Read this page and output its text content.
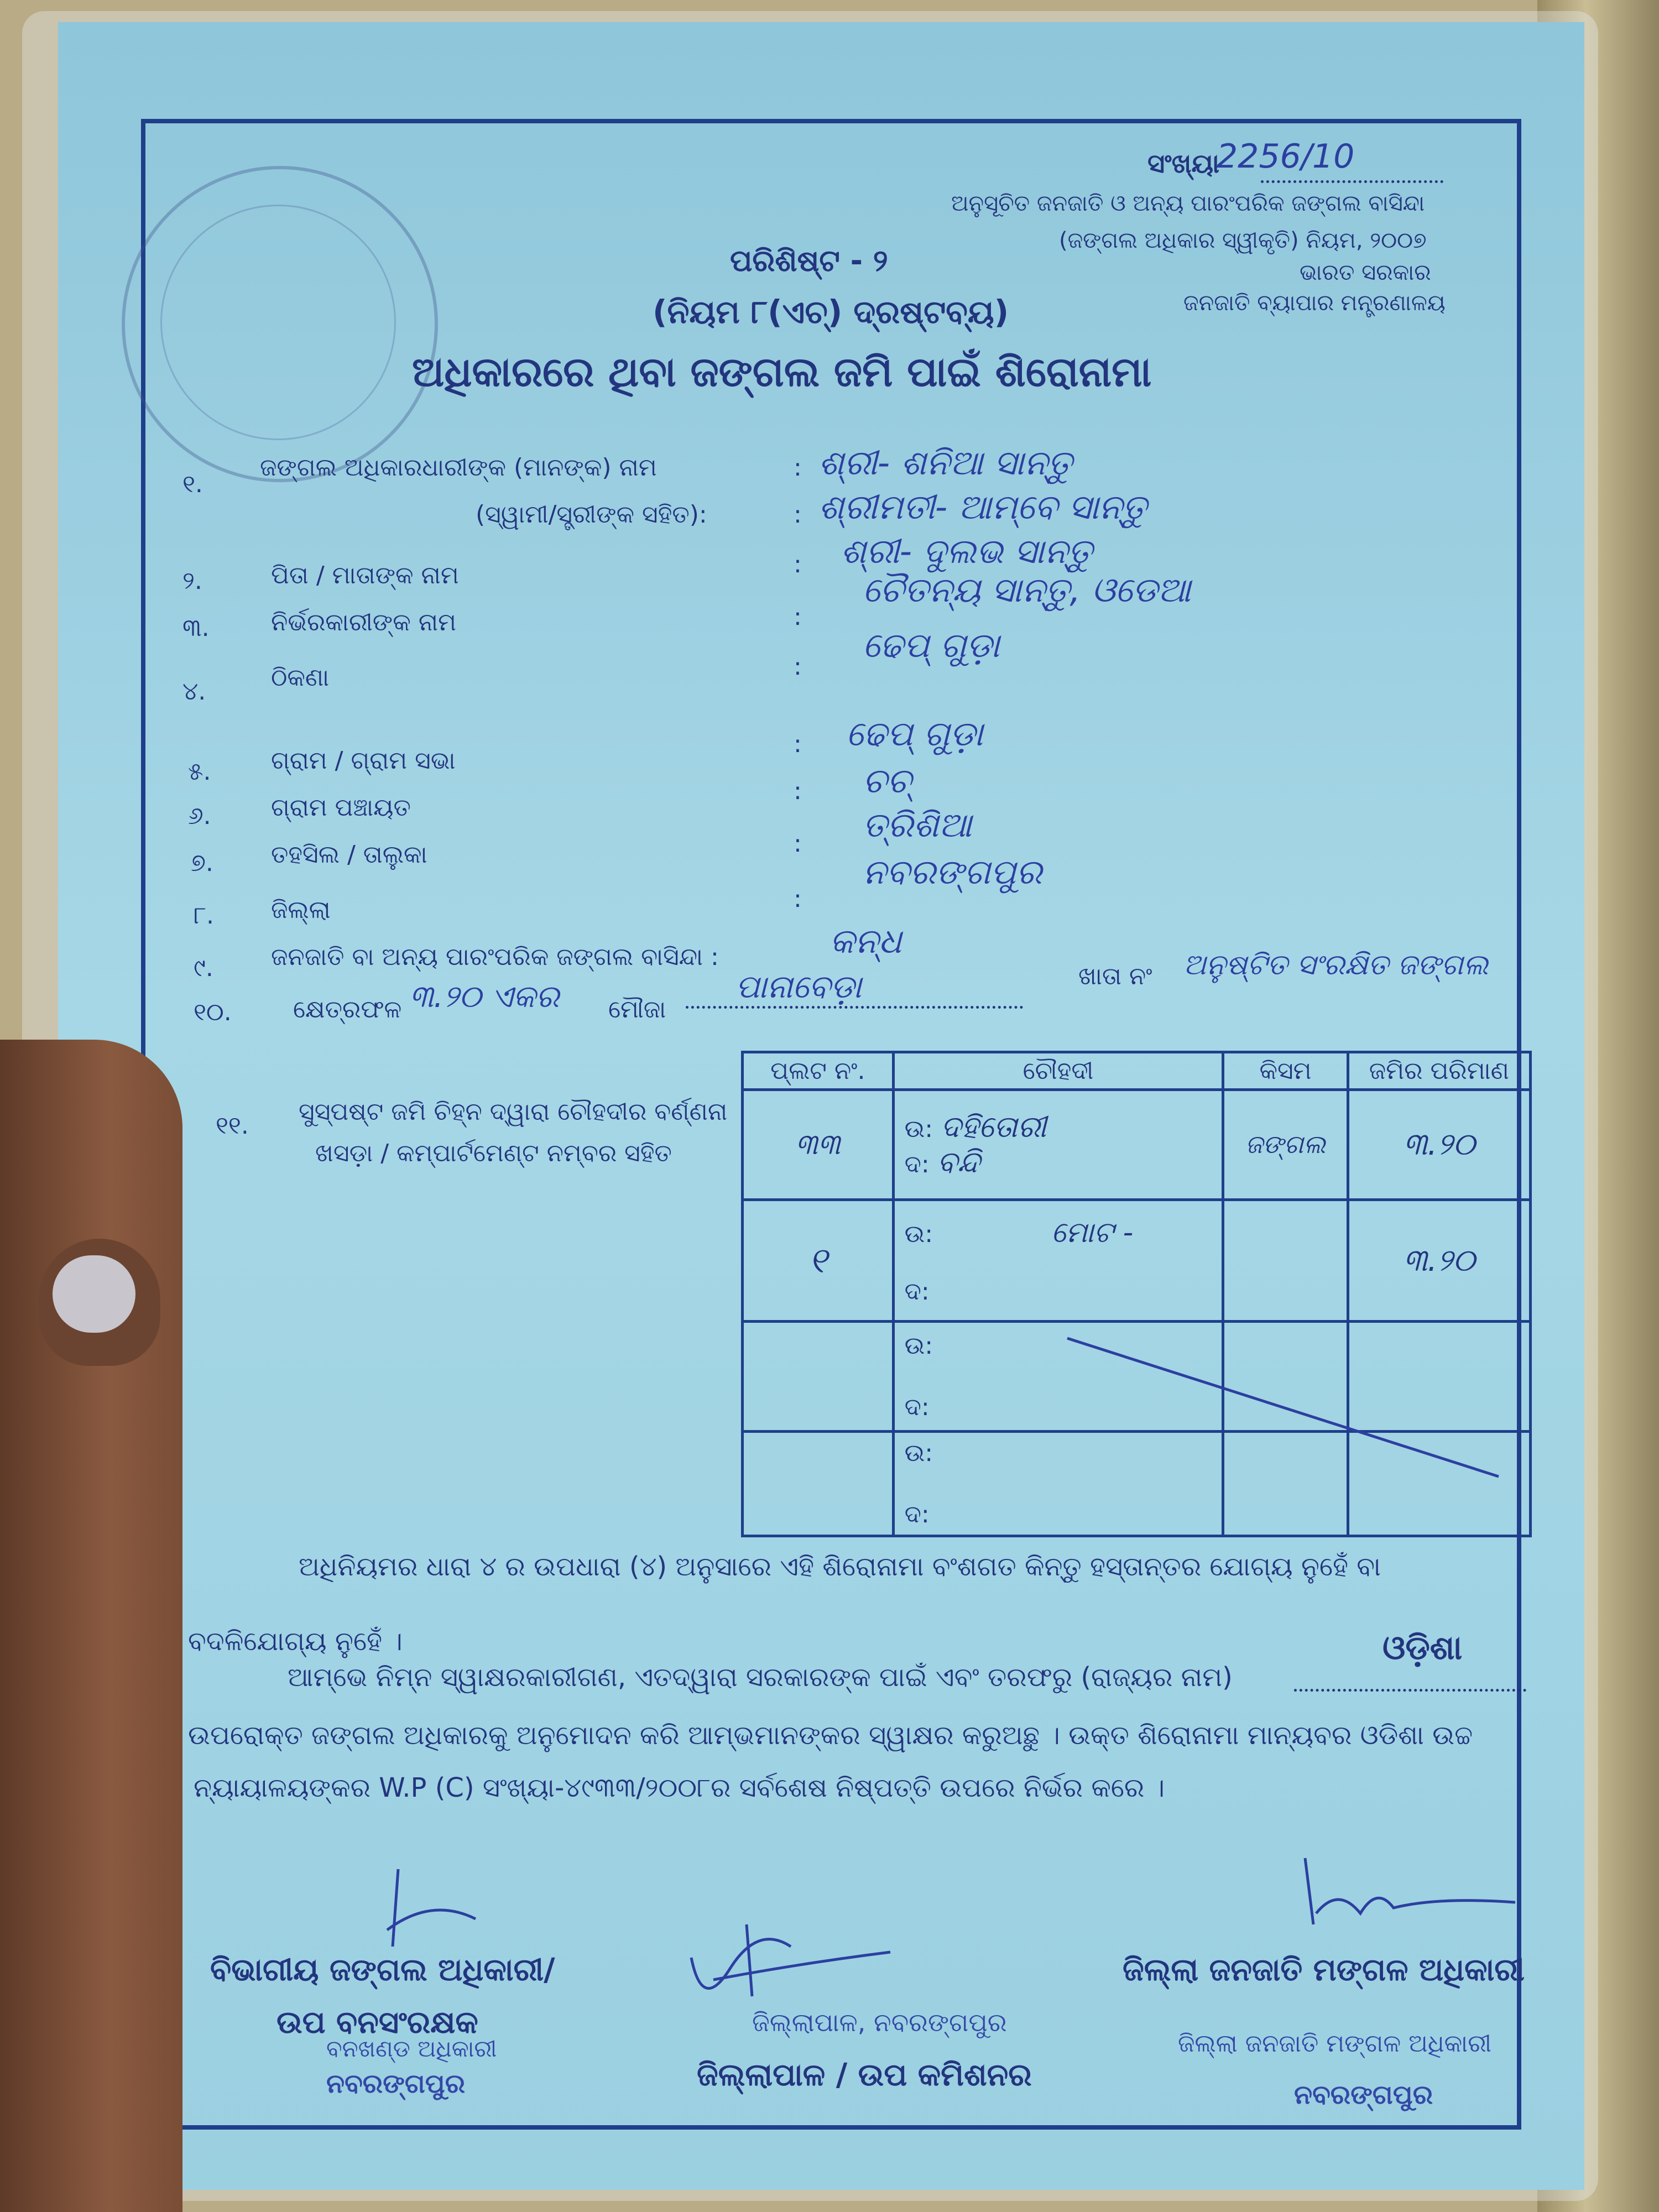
ସଂଖ୍ୟା
2256/10
ଅନୁସୂଚିତ ଜନଜାତି ଓ ଅନ୍ୟ ପାରଂପରିକ ଜଙ୍ଗଲ ବାସିନ୍ଦା
(ଜଙ୍ଗଲ ଅଧିକାର ସ୍ୱୀକୃତି) ନିୟମ, ୨୦୦୭
ଭାରତ ସରକାର
ଜନଜାତି ବ୍ୟାପାର ମନ୍ତ୍ରଣାଳୟ
ପରିଶିଷ୍ଟ - ୨
(ନିୟମ ୮(ଏଚ୍) ଦ୍ରଷ୍ଟବ୍ୟ)
ଅଧିକାରରେ ଥିବା ଜଙ୍ଗଲ ଜମି ପାଇଁ ଶିରୋନାମା
୧.
ଜଙ୍ଗଲ ଅଧିକାରଧାରୀଙ୍କ (ମାନଙ୍କ) ନାମ	: ଶ୍ରୀ- ଶନିଆ ସାନ୍ତୁ
(ସ୍ୱାମୀ/ସ୍ତ୍ରୀଙ୍କ ସହିତ):	: ଶ୍ରୀମତୀ- ଆମ୍ବେ ସାନ୍ତୁ
୨.	ପିତା / ମାତାଙ୍କ ନାମ	: ଶ୍ରୀ- ଦୁଲଭ ସାନ୍ତୁ
୩.	ନିର୍ଭରକାରୀଙ୍କ ନାମ	:
ଚୈତନ୍ୟ ସାନ୍ତୁ, ଓଡେଆ
୪.	ଠିକଣା	:
ଢେପ୍ ଗୁଡ଼ା
୫. ଗ୍ରାମ / ଗ୍ରାମ ସଭା
: ଢେପ୍ ଗୁଡ଼ା
୬. ଗ୍ରାମ ପଞ୍ଚାୟତ
: ଚଚ୍
୭. ତହସିଲ / ତାଲୁକା	: ତ୍ରିଶିଆ
୮. ଜିଲ୍ଲା	:
ନବରଙ୍ଗପୁର
୯. ଜନଜାତି ବା ଅନ୍ୟ ପାରଂପରିକ ଜଙ୍ଗଲ ବାସିନ୍ଦା :	କନ୍ଧ
୧୦.	କ୍ଷେତ୍ରଫଳ ୩.୨୦ ଏକର ମୌଜା
ପାନାବେଡ଼ା	ଖାତା ନଂ ଅନୁଷ୍ଟିତ ସଂରକ୍ଷିତ ଜଙ୍ଗଲ
୧୧. ସୁସ୍ପଷ୍ଟ ଜମି ଚିହ୍ନ ଦ୍ୱାରା ଚୌହଦୀର ବର୍ଣ୍ଣନା
ଖସଡ଼ା / କମ୍ପାର୍ଟମେଣ୍ଟ ନମ୍ବର ସହିତ
ପ୍ଲଟ ନଂ.	ଚୌହଦୀ	କିସମ	ଜମିର ପରିମାଣ
୩୩	ଉ: ଦହିତୋରୀ
ଦ: ବନ୍ଦି	ଜଙ୍ଗଲ	୩.୨୦
୧	ଉ: ମୋଟ -
ଦ:		୩.୨୦

	ଉ:
ଦ:		

	ଉ:
ଦ:		

ଅଧିନିୟମର ଧାରା ୪ ର ଉପଧାରା (୪) ଅନୁସାରେ ଏହି ଶିରୋନାମା ବଂଶଗତ କିନ୍ତୁ ହସ୍ତାନ୍ତର ଯୋଗ୍ୟ ନୁହେଁ ବା
ବଦଳିଯୋଗ୍ୟ ନୁହେଁ ।	ଓଡ଼ିଶା
ଆମ୍ଭେ ନିମ୍ନ ସ୍ୱାକ୍ଷରକାରୀଗଣ, ଏତଦ୍ୱାରା ସରକାରଙ୍କ ପାଇଁ ଏବଂ ତରଫରୁ (ରାଜ୍ୟର ନାମ)
ଉପରୋକ୍ତ ଜଙ୍ଗଲ ଅଧିକାରକୁ ଅନୁମୋଦନ କରି ଆମ୍ଭମାନଙ୍କର ସ୍ୱାକ୍ଷର କରୁଅଛୁ । ଉକ୍ତ ଶିରୋନାମା ମାନ୍ୟବର ଓଡିଶା ଉଚ୍ଚ
ନ୍ୟାୟାଳୟଙ୍କର W.P (C) ସଂଖ୍ୟା-୪୯୩୩/୨୦୦୮ର ସର୍ବଶେଷ ନିଷ୍ପତ୍ତି ଉପରେ ନିର୍ଭର କରେ ।
ବିଭାଗୀୟ ଜଙ୍ଗଲ ଅଧିକାରୀ/
ଉପ ବନସଂରକ୍ଷକ
ବନଖଣ୍ଡ ଅଧିକାରୀ
ନବରଙ୍ଗପୁର
ଜିଲ୍ଲାପାଳ, ନବରଙ୍ଗପୁର
ଜିଲ୍ଲାପାଳ / ଉପ କମିଶନର
ଜିଲ୍ଲା ଜନଜାତି ମଙ୍ଗଳ ଅଧିକାରୀ
ଜିଲ୍ଲା ଜନଜାତି ମଙ୍ଗଳ ଅଧିକାରୀ
ନବରଙ୍ଗପୁର
